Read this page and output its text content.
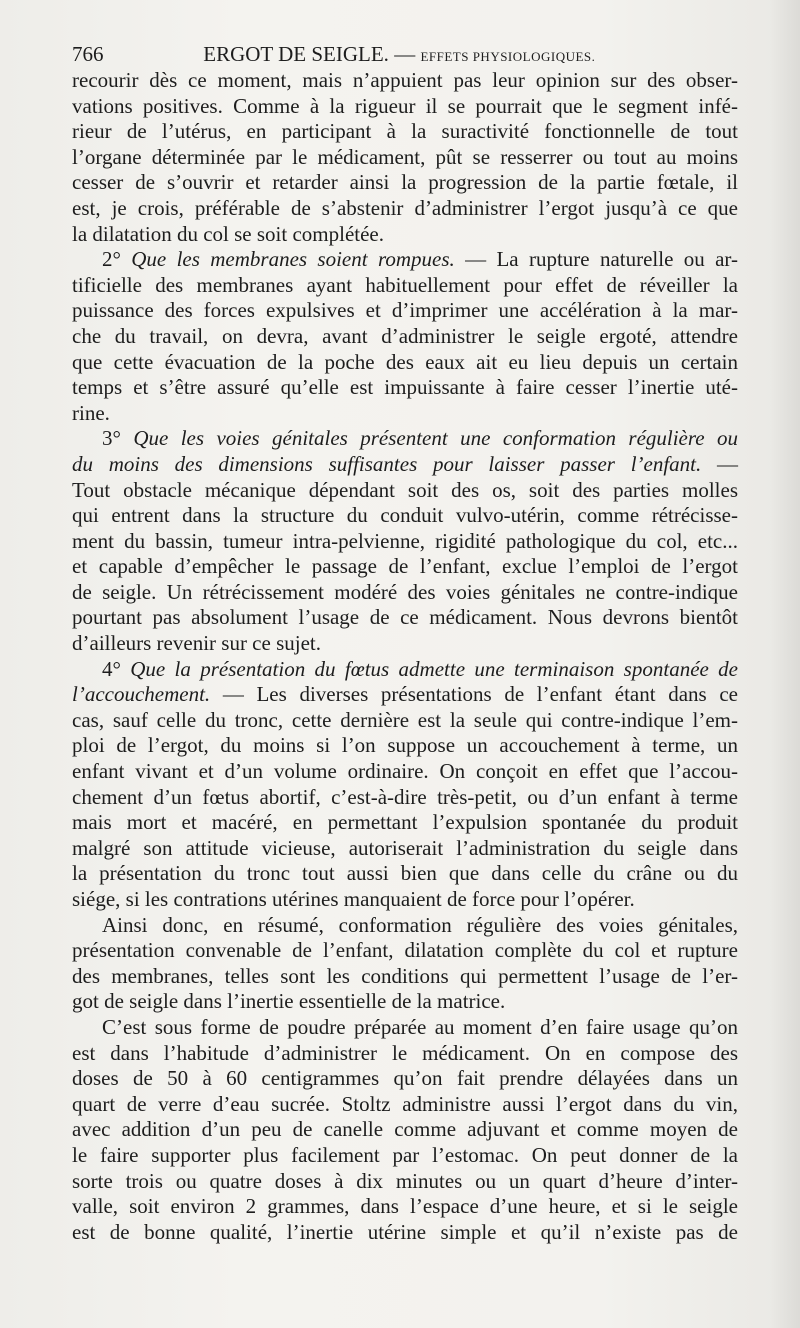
766	ERGOT DE SEIGLE. — EFFETS PHYSIOLOGIQUES.
recourir dès ce moment, mais n’appuient pas leur opinion sur des obser-
vations positives. Comme à la rigueur il se pourrait que le segment infé-
rieur de l’utérus, en participant à la suractivité fonctionnelle de tout
l’organe déterminée par le médicament, pût se resserrer ou tout au moins
cesser de s’ouvrir et retarder ainsi la progression de la partie fœtale, il
est, je crois, préférable de s’abstenir d’administrer l’ergot jusqu’à ce que
la dilatation du col se soit complétée.
2° Que les membranes soient rompues. — La rupture naturelle ou ar-
tificielle des membranes ayant habituellement pour effet de réveiller la
puissance des forces expulsives et d’imprimer une accélération à la mar-
che du travail, on devra, avant d’administrer le seigle ergoté, attendre
que cette évacuation de la poche des eaux ait eu lieu depuis un certain
temps et s’être assuré qu’elle est impuissante à faire cesser l’inertie uté-
rine.
3° Que les voies génitales présentent une conformation régulière ou
du moins des dimensions suffisantes pour laisser passer l’enfant. —
Tout obstacle mécanique dépendant soit des os, soit des parties molles
qui entrent dans la structure du conduit vulvo-utérin, comme rétrécisse-
ment du bassin, tumeur intra-pelvienne, rigidité pathologique du col, etc...
et capable d’empêcher le passage de l’enfant, exclue l’emploi de l’ergot
de seigle. Un rétrécissement modéré des voies génitales ne contre-indique
pourtant pas absolument l’usage de ce médicament. Nous devrons bientôt
d’ailleurs revenir sur ce sujet.
4° Que la présentation du fœtus admette une terminaison spontanée de
l’accouchement. — Les diverses présentations de l’enfant étant dans ce
cas, sauf celle du tronc, cette dernière est la seule qui contre-indique l’em-
ploi de l’ergot, du moins si l’on suppose un accouchement à terme, un
enfant vivant et d’un volume ordinaire. On conçoit en effet que l’accou-
chement d’un fœtus abortif, c’est-à-dire très-petit, ou d’un enfant à terme
mais mort et macéré, en permettant l’expulsion spontanée du produit
malgré son attitude vicieuse, autoriserait l’administration du seigle dans
la présentation du tronc tout aussi bien que dans celle du crâne ou du
siége, si les contrations utérines manquaient de force pour l’opérer.
Ainsi donc, en résumé, conformation régulière des voies génitales,
présentation convenable de l’enfant, dilatation complète du col et rupture
des membranes, telles sont les conditions qui permettent l’usage de l’er-
got de seigle dans l’inertie essentielle de la matrice.
C’est sous forme de poudre préparée au moment d’en faire usage qu’on
est dans l’habitude d’administrer le médicament. On en compose des
doses de 50 à 60 centigrammes qu’on fait prendre délayées dans un
quart de verre d’eau sucrée. Stoltz administre aussi l’ergot dans du vin,
avec addition d’un peu de canelle comme adjuvant et comme moyen de
le faire supporter plus facilement par l’estomac. On peut donner de la
sorte trois ou quatre doses à dix minutes ou un quart d’heure d’inter-
valle, soit environ 2 grammes, dans l’espace d’une heure, et si le seigle
est de bonne qualité, l’inertie utérine simple et qu’il n’existe pas de
